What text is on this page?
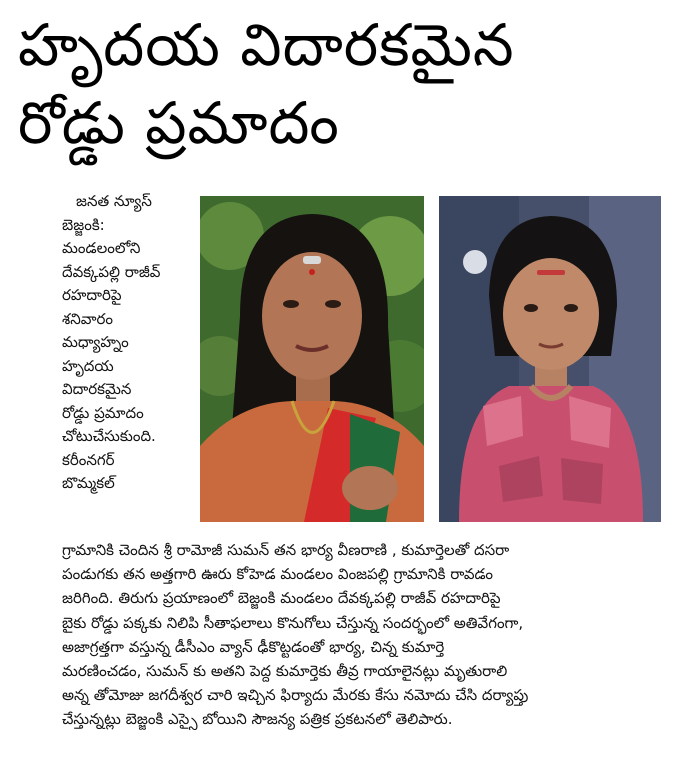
హృదయ విదారకమైన
రోడ్డు ప్రమాదం
జనత న్యూస్
బెజ్జంకి:
మండలంలోని
దేవక్కపల్లి రాజీవ్
రహదారిపై
శనివారం
మధ్యాహ్నం
హృదయ
విదారకమైన
రోడ్డు ప్రమాదం
చోటుచేసుకుంది.
కరీంనగర్
బొమ్మకల్
గ్రామానికి చెందిన శ్రీ రామోజీ సుమన్ తన భార్య వీణరాణి , కుమార్తెలతో దసరా
పండుగకు తన అత్తగారి ఊరు కోహెడ మండలం వింజపల్లి గ్రామానికి రావడం
జరిగింది. తిరుగు ప్రయాణంలో బెజ్జంకి మండలం దేవక్కపల్లి రాజీవ్ రహదారిపై
బైకు రోడ్డు పక్కకు నిలిపి సీతాఫలాలు కొనుగోలు చేస్తున్న సందర్భంలో అతివేగంగా,
అజాగ్రత్తగా వస్తున్న డీసీఎం వ్యాన్ ఢీకొట్టడంతో భార్య, చిన్న కుమార్తె
మరణించడం, సుమన్ కు అతని పెద్ద కుమార్తెకు తీవ్ర గాయాలైనట్లు మృతురాలి
అన్న తోమోజు జగదీశ్వర చారి ఇచ్చిన ఫిర్యాదు మేరకు కేసు నమోదు చేసి దర్యాప్తు
చేస్తున్నట్లు బెజ్జంకి ఎస్సై బోయిని సౌజన్య పత్రిక ప్రకటనలో తెలిపారు.
